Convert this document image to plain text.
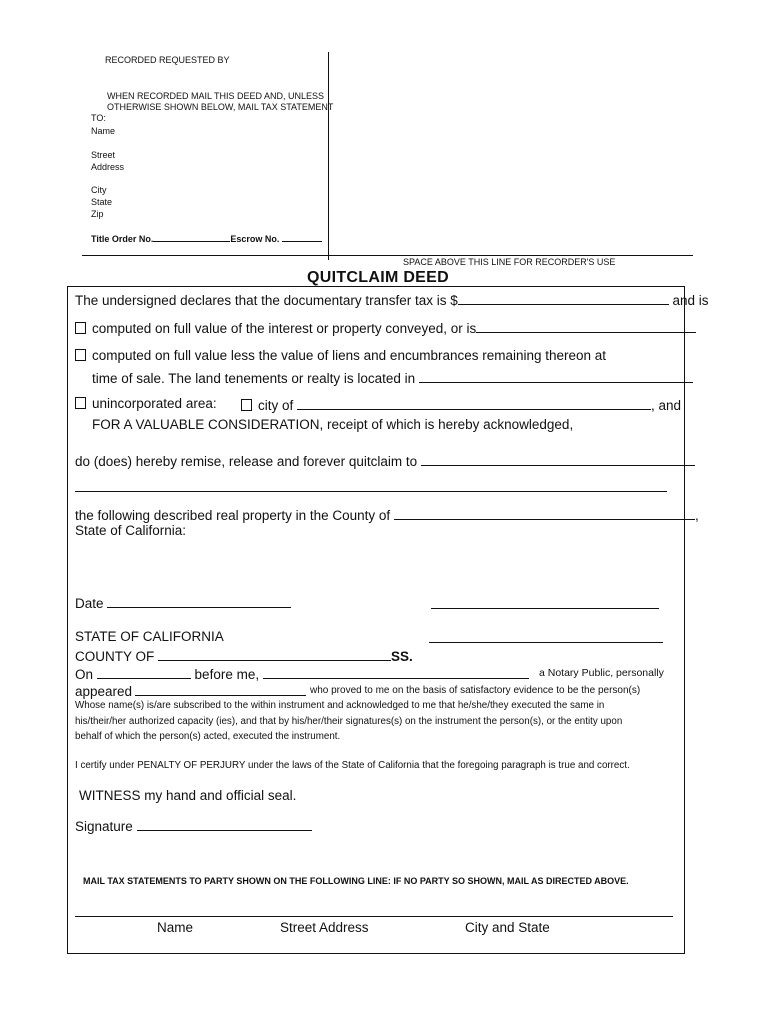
RECORDED REQUESTED BY
WHEN RECORDED MAIL THIS DEED AND, UNLESS
OTHERWISE SHOWN BELOW, MAIL TAX STATEMENT
TO:
Name
Street
Address
City
State
Zip
Title Order No.	Escrow No.
SPACE ABOVE THIS LINE FOR RECORDER'S USE
QUITCLAIM DEED
The undersigned declares that the documentary transfer tax is $	and is
computed on full value of the interest or property conveyed, or is
computed on full value less the value of liens and encumbrances remaining thereon at
time of sale. The land tenements or realty is located in
unincorporated area:	city of	, and
FOR A VALUABLE CONSIDERATION, receipt of which is hereby acknowledged,
do (does) hereby remise, release and forever quitclaim to
the following described real property in the County of	,
State of California:
Date
STATE OF CALIFORNIA
COUNTY OF	SS.
On	before me,	a Notary Public, personally
appeared	who proved to me on the basis of satisfactory evidence to be the person(s)
Whose name(s) is/are subscribed to the within instrument and acknowledged to me that he/she/they executed the same in
his/their/her authorized capacity (ies), and that by his/her/their signatures(s) on the instrument the person(s), or the entity upon
behalf of which the person(s) acted, executed the instrument.
I certify under PENALTY OF PERJURY under the laws of the State of California that the foregoing paragraph is true and correct.
WITNESS my hand and official seal.
Signature
MAIL TAX STATEMENTS TO PARTY SHOWN ON THE FOLLOWING LINE: IF NO PARTY SO SHOWN, MAIL AS DIRECTED ABOVE.
Name	Street Address	City and State
